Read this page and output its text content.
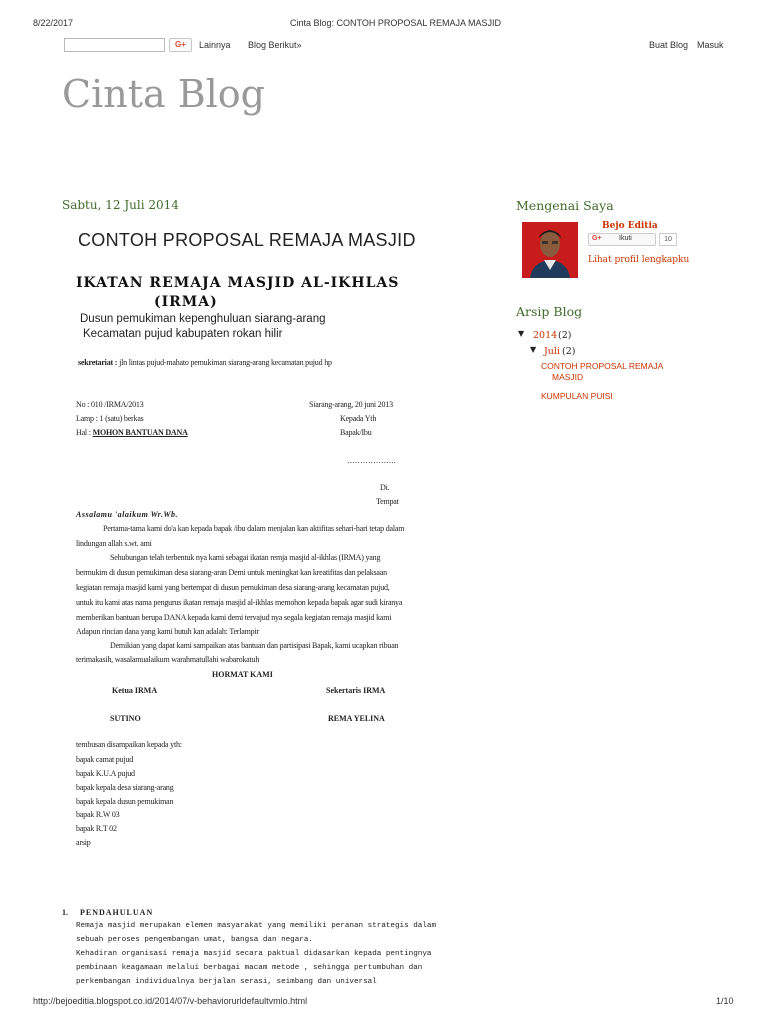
8/22/2017	Cinta Blog: CONTOH PROPOSAL REMAJA MASJID
G+	Lainnya Blog Berikut»	Buat Blog Masuk
Cinta Blog
Sabtu, 12 Juli 2014
CONTOH PROPOSAL REMAJA MASJID
IKATAN REMAJA MASJID AL-IKHLAS
(IRMA)
Dusun pemukiman kepenghuluan siarang-arang
Kecamatan pujud kabupaten rokan hilir
sekretariat : jln lintas pujud-mahato pemukiman siarang-arang kecamatan pujud hp
No : 010 /IRMA/2013
Lamp : 1 (satu) berkas
Hal : MOHON BANTUAN DANA
Siarang-arang, 20 juni 2013
Kepada Yth
Bapak/Ibu
……………….
Di.
Tempat
Assalamu 'alaikum Wr.Wb.
Pertama-tama kami do'a kan kepada bapak /ibu dalam menjalan kan aktifitas sehari-hari tetap dalam
lindungan allah s.wt. ami
Sehubungan telah terbentuk nya kami sebagai ikatan remja masjid al-ikhlas (IRMA) yang
bermukim di dusun pemukiman desa siarang-aran Demi untuk meningkat kan kreatifitas dan pelaksaan
kegiatan remaja masjid kami yang bertempat di dusun pemukiman desa siarang-arang kecamatan pujud,
untuk itu kami atas nama pengurus ikatan remaja masjid al-ikhlas memohon kepada bapak agar sudi kiranya
memberikan bantuan berupa DANA kepada kami demi tervajud nya segala kegiatan remaja masjid kami
Adapun rincian dana yang kami butuh kan adalah: Terlampir
Demikian yang dapat kami sampaikan atas bantuan dan partisipasi Bapak, kami ucapkan ribuan
terimakasih, wasalamualaikum warahmatullahi wabarokatuh
HORMAT KAMI
Ketua IRMA	Sekertaris IRMA
SUTINO	REMA YELINA
tembusan disampaikan kepada yth:
bapak camat pujud
bapak K.U.A pujud
bapak kepala desa siarang-arang
bapak kepala dusun pemukiman
bapak R.W 03
bapak R.T 02
arsip
1. PENDAHULUAN
Remaja masjid merupakan elemen masyarakat yang memiliki peranan strategis dalam
sebuah peroses pengembangan umat, bangsa dan negara.
Kehadiran organisasi remaja masjid secara paktual didasarkan kepada pentingnya
pembinaan keagamaan melalui berbagai macam metode , sehingga pertumbuhan dan
perkembangan individualnya berjalan serasi, seimbang dan universal
Mengenai Saya
Bejo Editia
G+ Ikuti	10
Lihat profil lengkapku
Arsip Blog
▼ 2014 (2)
▼ Juli (2)
CONTOH PROPOSAL REMAJA
MASJID
KUMPULAN PUISI
http://bejoeditia.blogspot.co.id/2014/07/v-behaviorurldefaultvmlo.html	1/10
